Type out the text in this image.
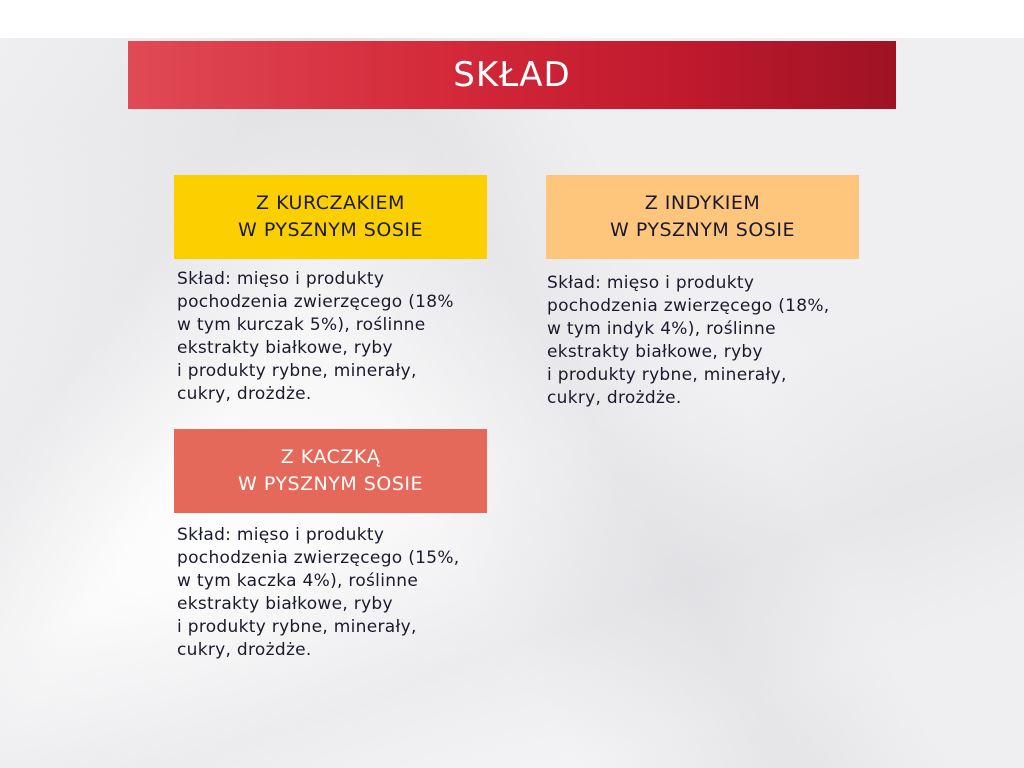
SKŁAD
Z KURCZAKIEM
W PYSZNYM SOSIE
Skład: mięso i produkty
pochodzenia zwierzęcego (18%
w tym kurczak 5%), roślinne
ekstrakty białkowe, ryby
i produkty rybne, minerały,
cukry, drożdże.
Z INDYKIEM
W PYSZNYM SOSIE
Skład: mięso i produkty
pochodzenia zwierzęcego (18%,
w tym indyk 4%), roślinne
ekstrakty białkowe, ryby
i produkty rybne, minerały,
cukry, drożdże.
Z KACZKĄ
W PYSZNYM SOSIE
Skład: mięso i produkty
pochodzenia zwierzęcego (15%,
w tym kaczka 4%), roślinne
ekstrakty białkowe, ryby
i produkty rybne, minerały,
cukry, drożdże.
